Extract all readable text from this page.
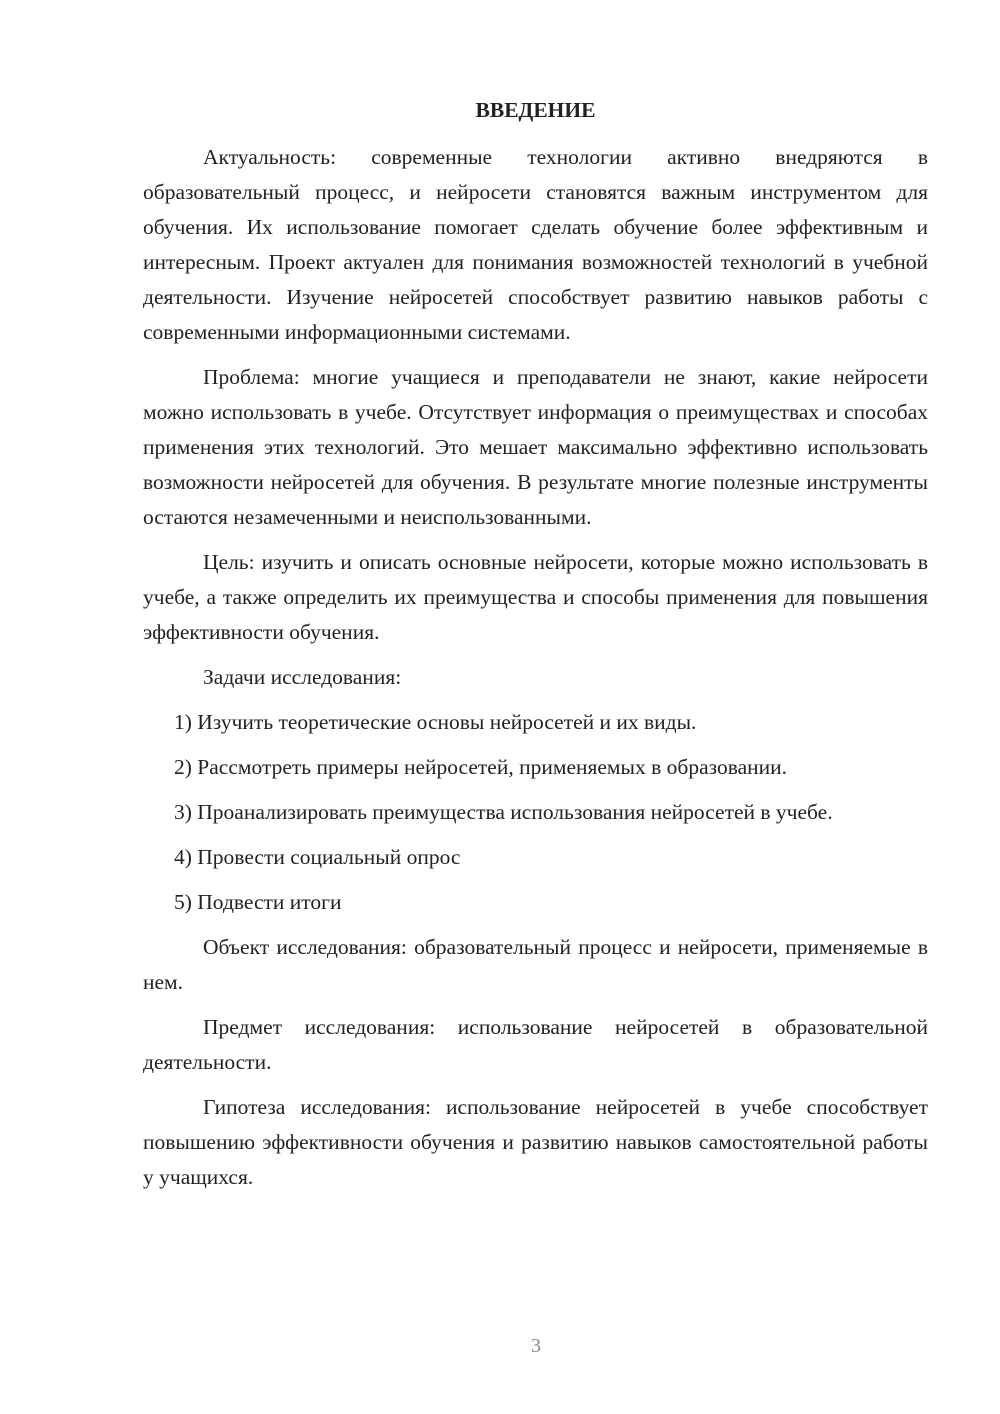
ВВЕДЕНИЕ

Актуальность: современные технологии активно внедряются в образовательный процесс, и нейросети становятся важным инструментом для обучения. Их использование помогает сделать обучение более эффективным и интересным. Проект актуален для понимания возможностей технологий в учебной деятельности. Изучение нейросетей способствует развитию навыков работы с современными информационными системами.

Проблема: многие учащиеся и преподаватели не знают, какие нейросети можно использовать в учебе. Отсутствует информация о преимуществах и способах применения этих технологий. Это мешает максимально эффективно использовать возможности нейросетей для обучения. В результате многие полезные инструменты остаются незамеченными и неиспользованными.

Цель: изучить и описать основные нейросети, которые можно использовать в учебе, а также определить их преимущества и способы применения для повышения эффективности обучения.

Задачи исследования:

1) Изучить теоретические основы нейросетей и их виды.

2) Рассмотреть примеры нейросетей, применяемых в образовании.

3) Проанализировать преимущества использования нейросетей в учебе.

4) Провести социальный опрос

5) Подвести итоги

Объект исследования: образовательный процесс и нейросети, применяемые в нем.

Предмет исследования: использование нейросетей в образовательной деятельности.

Гипотеза исследования: использование нейросетей в учебе способствует повышению эффективности обучения и развитию навыков самостоятельной работы у учащихся.

3
